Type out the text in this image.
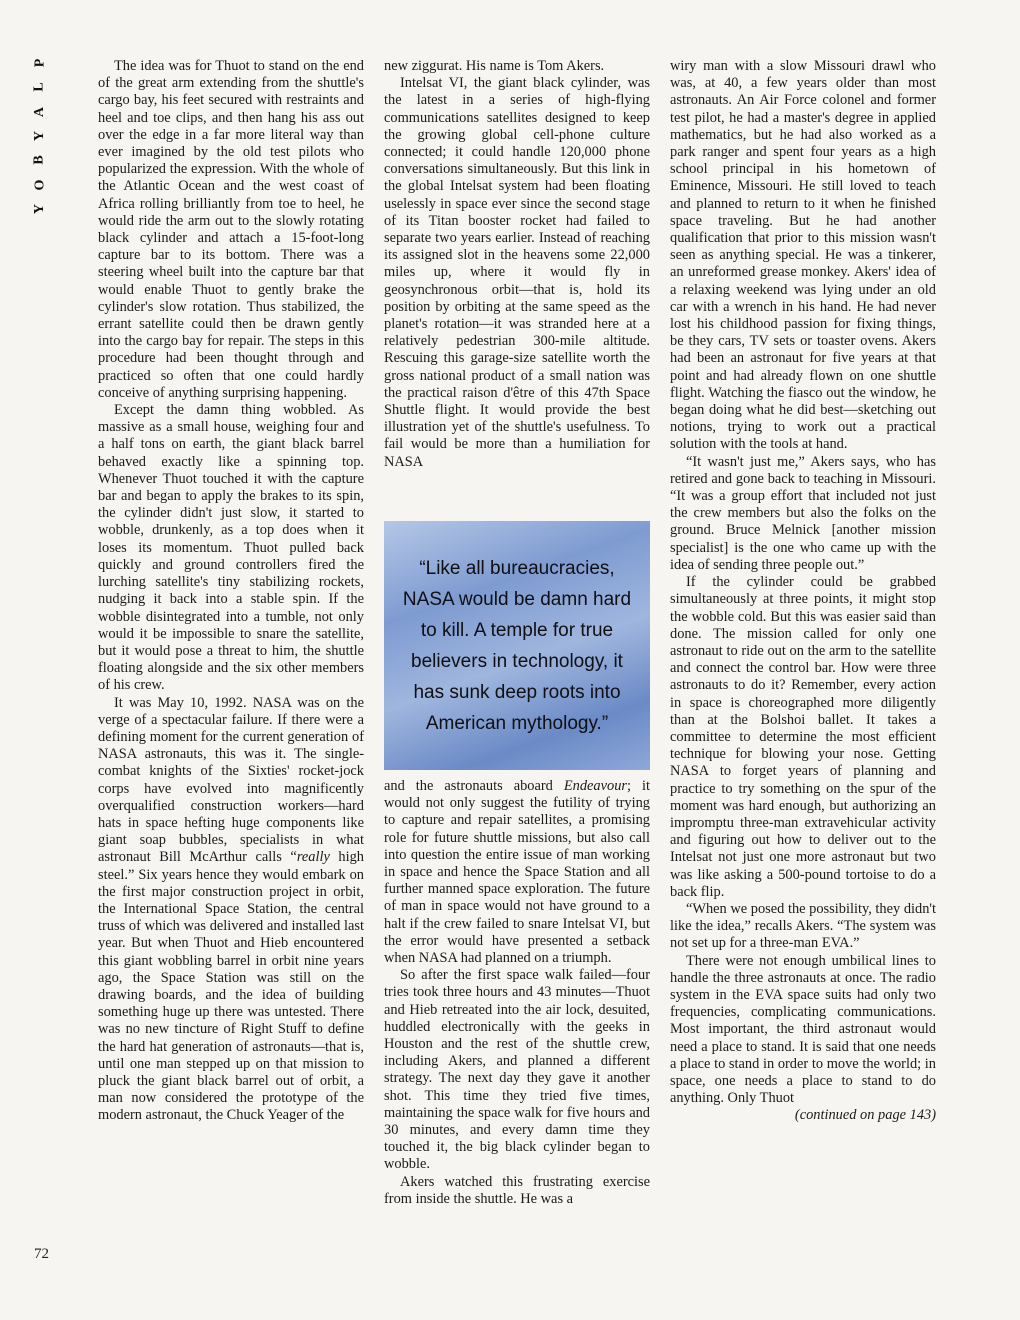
P
L
A
Y
B
O
Y

The idea was for Thuot to stand on the end of the great arm extending from the shuttle's cargo bay, his feet secured with restraints and heel and toe clips, and then hang his ass out over the edge in a far more literal way than ever imagined by the old test pilots who popularized the expression. With the whole of the Atlantic Ocean and the west coast of Africa rolling brilliantly from toe to heel, he would ride the arm out to the slowly rotating black cylinder and attach a 15-foot-long capture bar to its bottom. There was a steering wheel built into the capture bar that would enable Thuot to gently brake the cylinder's slow rotation. Thus stabilized, the errant satellite could then be drawn gently into the cargo bay for repair. The steps in this procedure had been thought through and practiced so often that one could hardly conceive of anything surprising happening.

Except the damn thing wobbled. As massive as a small house, weighing four and a half tons on earth, the giant black barrel behaved exactly like a spinning top. Whenever Thuot touched it with the capture bar and began to apply the brakes to its spin, the cylinder didn't just slow, it started to wobble, drunkenly, as a top does when it loses its momentum. Thuot pulled back quickly and ground controllers fired the lurching satellite's tiny stabilizing rockets, nudging it back into a stable spin. If the wobble disintegrated into a tumble, not only would it be impossible to snare the satellite, but it would pose a threat to him, the shuttle floating alongside and the six other members of his crew.

It was May 10, 1992. NASA was on the verge of a spectacular failure. If there were a defining moment for the current generation of NASA astronauts, this was it. The single-combat knights of the Sixties' rocket-jock corps have evolved into magnificently overqualified construction workers—hard hats in space hefting huge components like giant soap bubbles, specialists in what astronaut Bill McArthur calls “really high steel.” Six years hence they would embark on the first major construction project in orbit, the International Space Station, the central truss of which was delivered and installed last year. But when Thuot and Hieb encountered this giant wobbling barrel in orbit nine years ago, the Space Station was still on the drawing boards, and the idea of building something huge up there was untested. There was no new tincture of Right Stuff to define the hard hat generation of astronauts—that is, until one man stepped up on that mission to pluck the giant black barrel out of orbit, a man now considered the prototype of the modern astronaut, the Chuck Yeager of the

new ziggurat. His name is Tom Akers.

Intelsat VI, the giant black cylinder, was the latest in a series of high-flying communications satellites designed to keep the growing global cell-phone culture connected; it could handle 120,000 phone conversations simultaneously. But this link in the global Intelsat system had been floating uselessly in space ever since the second stage of its Titan booster rocket had failed to separate two years earlier. Instead of reaching its assigned slot in the heavens some 22,000 miles up, where it would fly in geosynchronous orbit—that is, hold its position by orbiting at the same speed as the planet's rotation—it was stranded here at a relatively pedestrian 300-mile altitude. Rescuing this garage-size satellite worth the gross national product of a small nation was the practical raison d'être of this 47th Space Shuttle flight. It would provide the best illustration yet of the shuttle's usefulness. To fail would be more than a humiliation for NASA

“Like all bureaucracies, NASA would be damn hard to kill. A temple for true believers in technology, it has sunk deep roots into American mythology.”

and the astronauts aboard Endeavour; it would not only suggest the futility of trying to capture and repair satellites, a promising role for future shuttle missions, but also call into question the entire issue of man working in space and hence the Space Station and all further manned space exploration. The future of man in space would not have ground to a halt if the crew failed to snare Intelsat VI, but the error would have presented a setback when NASA had planned on a triumph.

So after the first space walk failed—four tries took three hours and 43 minutes—Thuot and Hieb retreated into the air lock, desuited, huddled electronically with the geeks in Houston and the rest of the shuttle crew, including Akers, and planned a different strategy. The next day they gave it another shot. This time they tried five times, maintaining the space walk for five hours and 30 minutes, and every damn time they touched it, the big black cylinder began to wobble.

Akers watched this frustrating exercise from inside the shuttle. He was a

wiry man with a slow Missouri drawl who was, at 40, a few years older than most astronauts. An Air Force colonel and former test pilot, he had a master's degree in applied mathematics, but he had also worked as a park ranger and spent four years as a high school principal in his hometown of Eminence, Missouri. He still loved to teach and planned to return to it when he finished space traveling. But he had another qualification that prior to this mission wasn't seen as anything special. He was a tinkerer, an unreformed grease monkey. Akers' idea of a relaxing weekend was lying under an old car with a wrench in his hand. He had never lost his childhood passion for fixing things, be they cars, TV sets or toaster ovens. Akers had been an astronaut for five years at that point and had already flown on one shuttle flight. Watching the fiasco out the window, he began doing what he did best—sketching out notions, trying to work out a practical solution with the tools at hand.

“It wasn't just me,” Akers says, who has retired and gone back to teaching in Missouri. “It was a group effort that included not just the crew members but also the folks on the ground. Bruce Melnick [another mission specialist] is the one who came up with the idea of sending three people out.”

If the cylinder could be grabbed simultaneously at three points, it might stop the wobble cold. But this was easier said than done. The mission called for only one astronaut to ride out on the arm to the satellite and connect the control bar. How were three astronauts to do it? Remember, every action in space is choreographed more diligently than at the Bolshoi ballet. It takes a committee to determine the most efficient technique for blowing your nose. Getting NASA to forget years of planning and practice to try something on the spur of the moment was hard enough, but authorizing an impromptu three-man extravehicular activity and figuring out how to deliver out to the Intelsat not just one more astronaut but two was like asking a 500-pound tortoise to do a back flip.

“When we posed the possibility, they didn't like the idea,” recalls Akers. “The system was not set up for a three-man EVA.”

There were not enough umbilical lines to handle the three astronauts at once. The radio system in the EVA space suits had only two frequencies, complicating communications. Most important, the third astronaut would need a place to stand. It is said that one needs a place to stand in order to move the world; in space, one needs a place to stand to do anything. Only Thuot

(continued on page 143)
72
